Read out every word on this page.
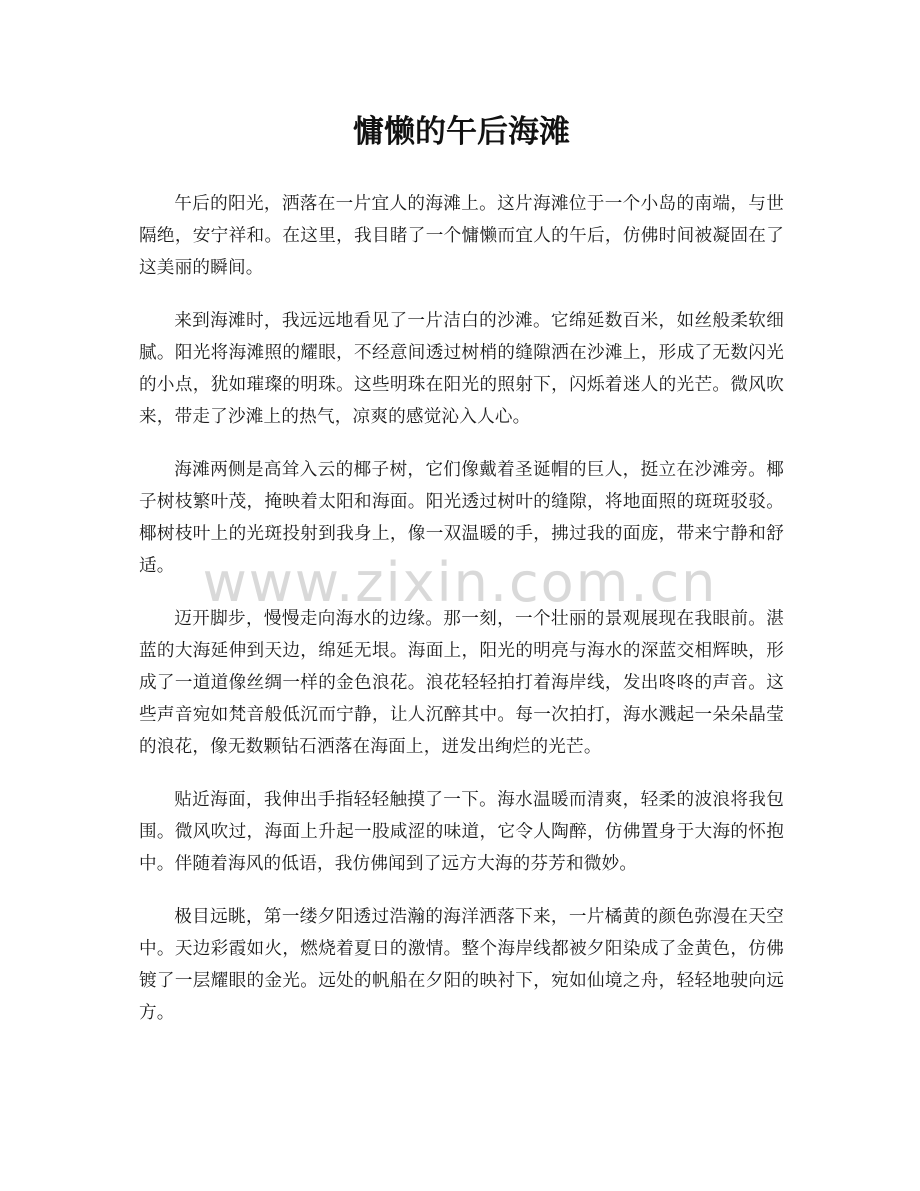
慵懒的午后海滩

午后的阳光，洒落在一片宜人的海滩上。这片海滩位于一个小岛的南端，与世隔绝，安宁祥和。在这里，我目睹了一个慵懒而宜人的午后，仿佛时间被凝固在了这美丽的瞬间。

来到海滩时，我远远地看见了一片洁白的沙滩。它绵延数百米，如丝般柔软细腻。阳光将海滩照的耀眼，不经意间透过树梢的缝隙洒在沙滩上，形成了无数闪光的小点，犹如璀璨的明珠。这些明珠在阳光的照射下，闪烁着迷人的光芒。微风吹来，带走了沙滩上的热气，凉爽的感觉沁入人心。

海滩两侧是高耸入云的椰子树，它们像戴着圣诞帽的巨人，挺立在沙滩旁。椰子树枝繁叶茂，掩映着太阳和海面。阳光透过树叶的缝隙，将地面照的斑斑驳驳。椰树枝叶上的光斑投射到我身上，像一双温暖的手，拂过我的面庞，带来宁静和舒适。

迈开脚步，慢慢走向海水的边缘。那一刻，一个壮丽的景观展现在我眼前。湛蓝的大海延伸到天边，绵延无垠。海面上，阳光的明亮与海水的深蓝交相辉映，形成了一道道像丝绸一样的金色浪花。浪花轻轻拍打着海岸线，发出咚咚的声音。这些声音宛如梵音般低沉而宁静，让人沉醉其中。每一次拍打，海水溅起一朵朵晶莹的浪花，像无数颗钻石洒落在海面上，迸发出绚烂的光芒。

贴近海面，我伸出手指轻轻触摸了一下。海水温暖而清爽，轻柔的波浪将我包围。微风吹过，海面上升起一股咸涩的味道，它令人陶醉，仿佛置身于大海的怀抱中。伴随着海风的低语，我仿佛闻到了远方大海的芬芳和微妙。

极目远眺，第一缕夕阳透过浩瀚的海洋洒落下来，一片橘黄的颜色弥漫在天空中。天边彩霞如火，燃烧着夏日的激情。整个海岸线都被夕阳染成了金黄色，仿佛镀了一层耀眼的金光。远处的帆船在夕阳的映衬下，宛如仙境之舟，轻轻地驶向远方。

www.zixin.com.cn
